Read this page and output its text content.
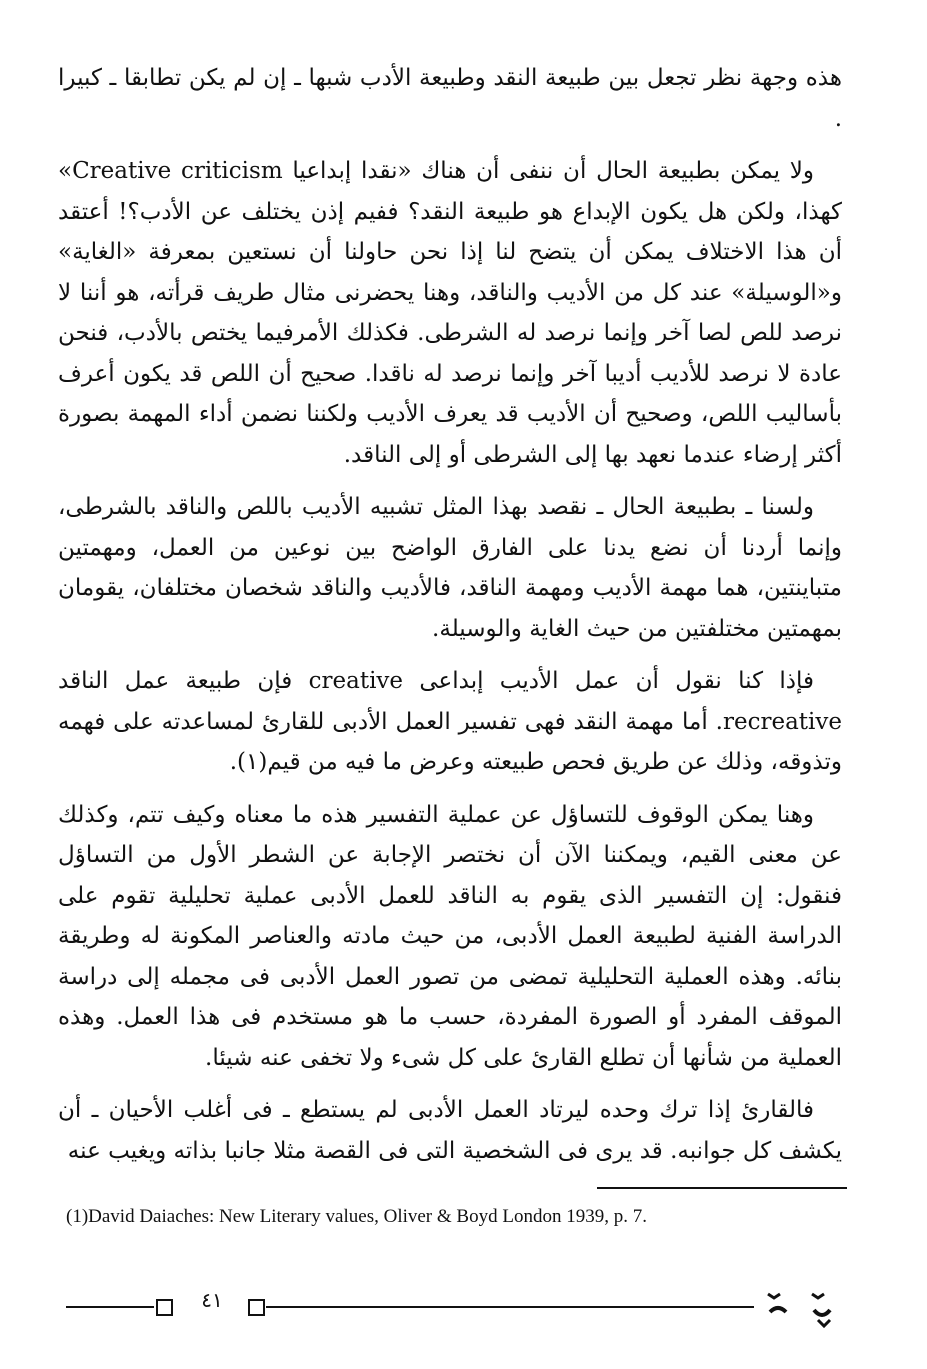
هذه وجهة نظر تجعل بين طبيعة النقد وطبيعة الأدب شبها ـ إن لم يكن تطابقا ـ كبيرا .

ولا يمكن بطبيعة الحال أن ننفى أن هناك «نقدا إبداعيا Creative criticism» كهذا، ولكن هل يكون الإبداع هو طبيعة النقد؟ ففيم إذن يختلف عن الأدب؟! أعتقد أن هذا الاختلاف يمكن أن يتضح لنا إذا نحن حاولنا أن نستعين بمعرفة «الغاية» و«الوسيلة» عند كل من الأديب والناقد، وهنا يحضرنى مثال طريف قرأته، هو أننا لا نرصد للص لصا آخر وإنما نرصد له الشرطى. فكذلك الأمرفيما يختص بالأدب، فنحن عادة لا نرصد للأديب أديبا آخر وإنما نرصد له ناقدا. صحيح أن اللص قد يكون أعرف بأساليب اللص، وصحيح أن الأديب قد يعرف الأديب ولكننا نضمن أداء المهمة بصورة أكثر إرضاء عندما نعهد بها إلى الشرطى أو إلى الناقد.

ولسنا ـ بطبيعة الحال ـ نقصد بهذا المثل تشبيه الأديب باللص والناقد بالشرطى، وإنما أردنا أن نضع يدنا على الفارق الواضح بين نوعين من العمل، ومهمتين متباينتين، هما مهمة الأديب ومهمة الناقد، فالأديب والناقد شخصان مختلفان، يقومان بمهمتين مختلفتين من حيث الغاية والوسيلة.

فإذا كنا نقول أن عمل الأديب إبداعى creative فإن طبيعة عمل الناقد recreative. أما مهمة النقد فهى تفسير العمل الأدبى للقارئ لمساعدته على فهمه وتذوقه، وذلك عن طريق فحص طبيعته وعرض ما فيه من قيم(١).

وهنا يمكن الوقوف للتساؤل عن عملية التفسير هذه ما معناه وكيف تتم، وكذلك عن معنى القيم، ويمكننا الآن أن نختصر الإجابة عن الشطر الأول من التساؤل فنقول: إن التفسير الذى يقوم به الناقد للعمل الأدبى عملية تحليلية تقوم على الدراسة الفنية لطبيعة العمل الأدبى، من حيث مادته والعناصر المكونة له وطريقة بنائه. وهذه العملية التحليلية تمضى من تصور العمل الأدبى فى مجمله إلى دراسة الموقف المفرد أو الصورة المفردة، حسب ما هو مستخدم فى هذا العمل. وهذه العملية من شأنها أن تطلع القارئ على كل شىء ولا تخفى عنه شيئا.

فالقارئ إذا ترك وحده ليرتاد العمل الأدبى لم يستطع ـ فى أغلب الأحيان ـ أن يكشف كل جوانبه. قد يرى فى الشخصية التى فى القصة مثلا جانبا بذاته ويغيب عنه

(1)David Daiaches: New Literary values, Oliver & Boyd London 1939, p. 7.
٤١
